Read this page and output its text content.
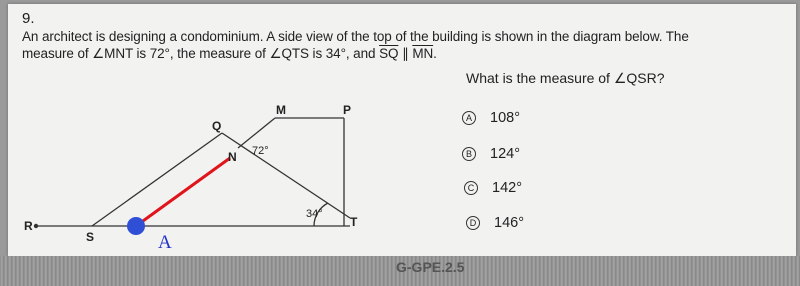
9.
An architect is designing a condominium. A side view of the top of the building is shown in the diagram below. The
measure of ∠MNT is 72°, the measure of ∠QTS is 34°, and $\overline{SQ}$ ∥ $\overline{MN}$.
What is the measure of ∠QSR?
A 108°
B 124°
C 142°
D 146°
M	P
Q
N
R
S
T
72°
34°
A
G-GPE.2.5
